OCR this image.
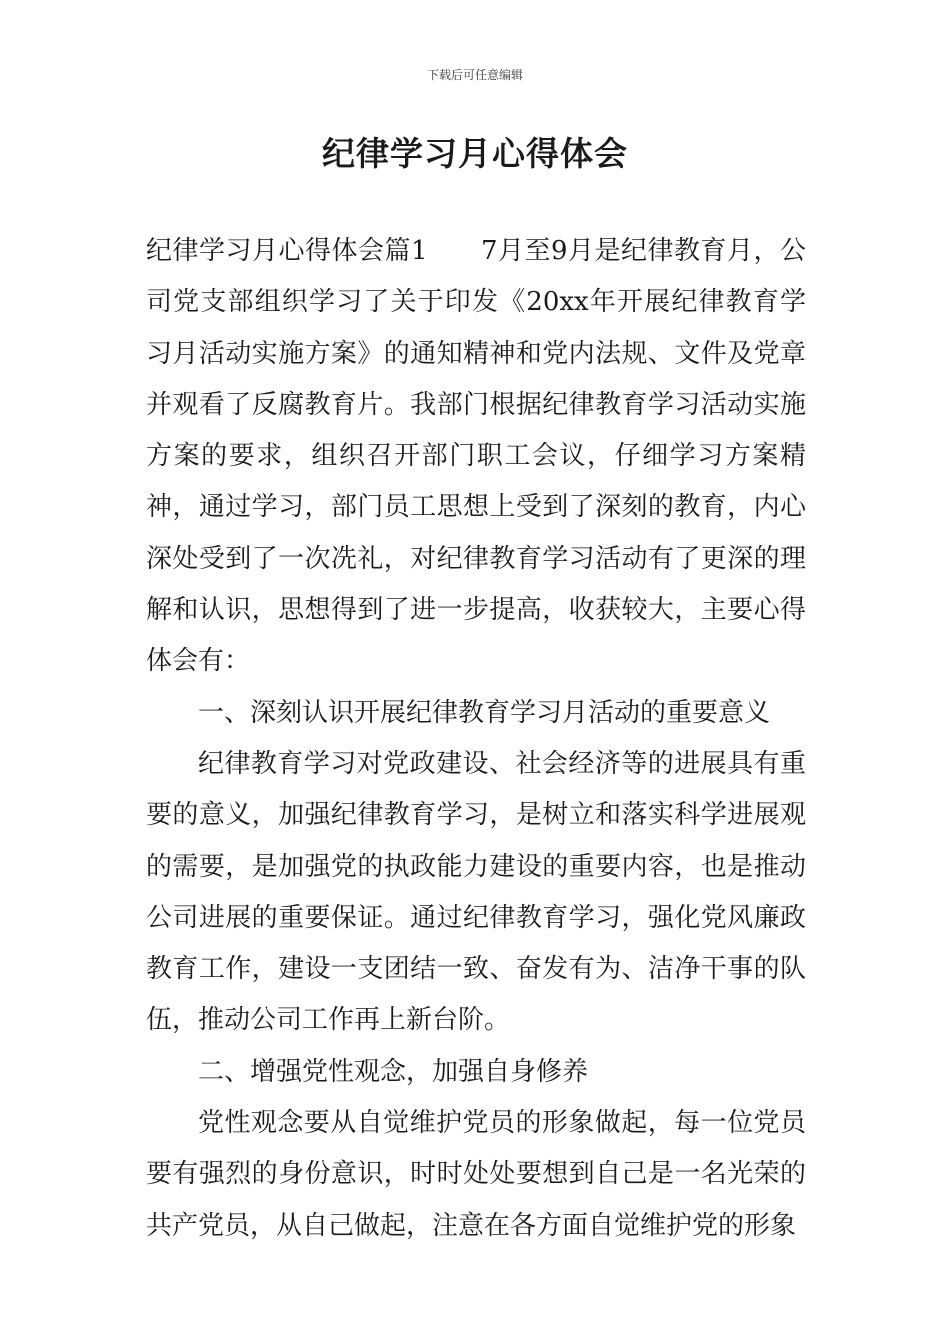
下载后可任意编辑
纪律学习月心得体会

纪律学习月心得体会篇1　　7月至9月是纪律教育月，公司党支部组织学习了关于印发《20xx年开展纪律教育学习月活动实施方案》的通知精神和党内法规、文件及党章并观看了反腐教育片。我部门根据纪律教育学习活动实施方案的要求，组织召开部门职工会议，仔细学习方案精神，通过学习，部门员工思想上受到了深刻的教育，内心深处受到了一次冼礼，对纪律教育学习活动有了更深的理解和认识，思想得到了进一步提高，收获较大，主要心得体会有：

一、深刻认识开展纪律教育学习月活动的重要意义

纪律教育学习对党政建设、社会经济等的进展具有重要的意义，加强纪律教育学习，是树立和落实科学进展观的需要，是加强党的执政能力建设的重要内容，也是推动公司进展的重要保证。通过纪律教育学习，强化党风廉政教育工作，建设一支团结一致、奋发有为、洁净干事的队伍，推动公司工作再上新台阶。

二、增强党性观念，加强自身修养

党性观念要从自觉维护党员的形象做起，每一位党员要有强烈的身份意识，时时处处要想到自己是一名光荣的共产党员，从自己做起，注意在各方面自觉维护党的形象
